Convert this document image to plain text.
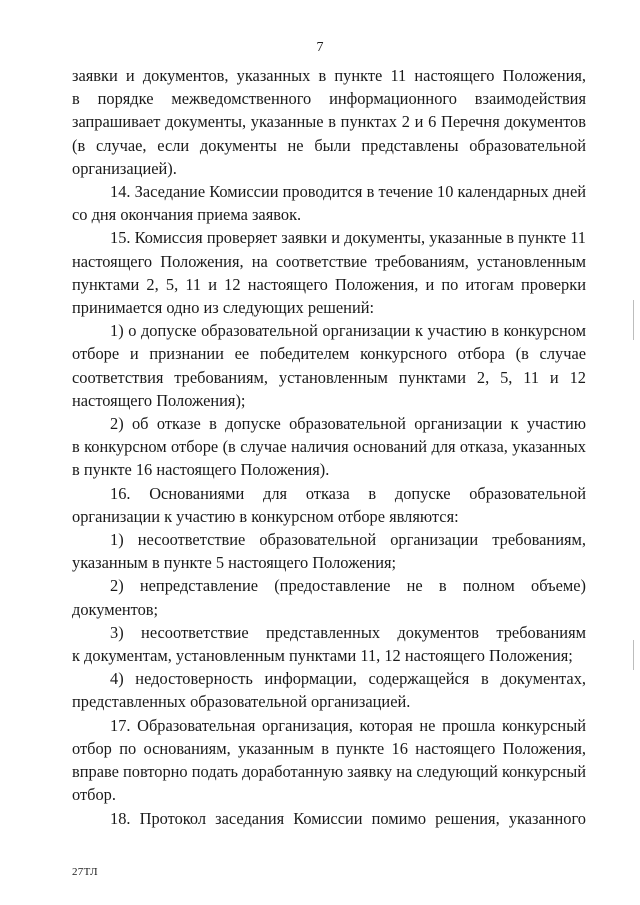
7
заявки и документов, указанных в пункте 11 настоящего Положения,
в порядке межведомственного информационного взаимодействия
запрашивает документы, указанные в пунктах 2 и 6 Перечня документов
(в случае, если документы не были представлены образовательной
организацией).
14. Заседание Комиссии проводится в течение 10 календарных дней
со дня окончания приема заявок.
15. Комиссия проверяет заявки и документы, указанные в пункте 11
настоящего Положения, на соответствие требованиям, установленным
пунктами 2, 5, 11 и 12 настоящего Положения, и по итогам проверки
принимается одно из следующих решений:
1) о допуске образовательной организации к участию в конкурсном
отборе и признании ее победителем конкурсного отбора (в случае
соответствия требованиям, установленным пунктами 2, 5, 11 и 12
настоящего Положения);
2) об отказе в допуске образовательной организации к участию
в конкурсном отборе (в случае наличия оснований для отказа, указанных
в пункте 16 настоящего Положения).
16. Основаниями для отказа в допуске образовательной
организации к участию в конкурсном отборе являются:
1) несоответствие образовательной организации требованиям,
указанным в пункте 5 настоящего Положения;
2) непредставление (предоставление не в полном объеме)
документов;
3) несоответствие представленных документов требованиям
к документам, установленным пунктами 11, 12 настоящего Положения;
4) недостоверность информации, содержащейся в документах,
представленных образовательной организацией.
17. Образовательная организация, которая не прошла конкурсный
отбор по основаниям, указанным в пункте 16 настоящего Положения,
вправе повторно подать доработанную заявку на следующий конкурсный
отбор.
18. Протокол заседания Комиссии помимо решения, указанного
27ТЛ
